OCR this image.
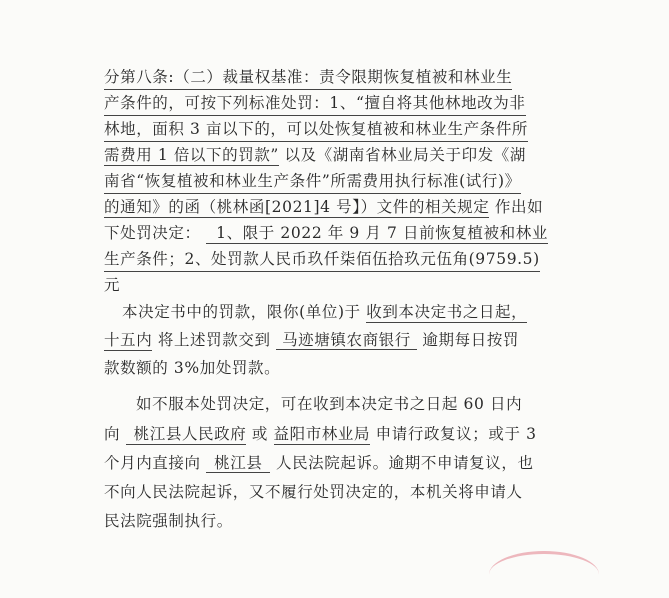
分第八条:（二）裁量权基准：责令限期恢复植被和林业生
产条件的，可按下列标准处罚：1、“擅自将其他林地改为非
林地，面积 3 亩以下的，可以处恢复植被和林业生产条件所
需费用 1 倍以下的罚款” 以及《湖南省林业局关于印发《湖
南省“恢复植被和林业生产条件”所需费用执行标准(试行)》
的通知》的函（桃林函[2021]4 号】）文件的相关规定 作出如
下处罚决定： 1、限于 2022 年 9 月 7 日前恢复植被和林业
生产条件；2、处罚款人民币玖仟柒佰伍拾玖元伍角(9759.5)
元
本决定书中的罚款，限你(单位)于 收到本决定书之日起，
十五内 将上述罚款交到 马迹塘镇农商银行 逾期每日按罚
款数额的 3%加处罚款。
如不服本处罚决定，可在收到本决定书之日起 60 日内
向 桃江县人民政府 或 益阳市林业局 申请行政复议；或于 3
个月内直接向 桃江县 人民法院起诉。逾期不申请复议，也
不向人民法院起诉，又不履行处罚决定的，本机关将申请人
民法院强制执行。
